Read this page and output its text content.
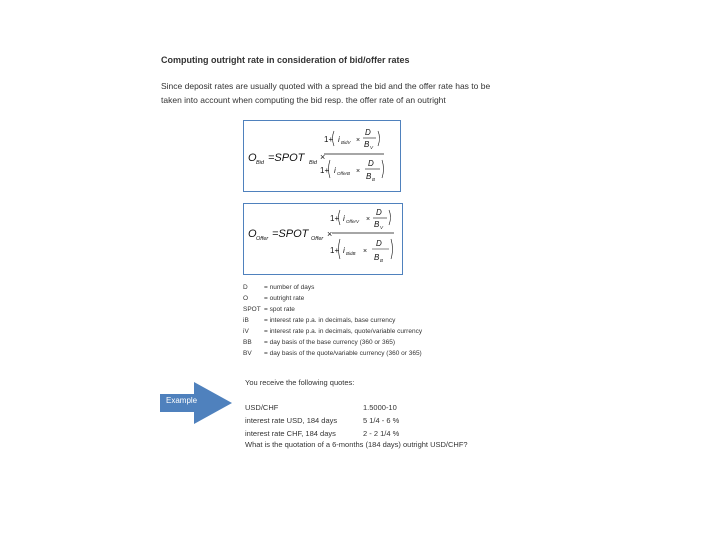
Computing outright rate in consideration of bid/offer rates
Since deposit rates are usually quoted with a spread the bid and the offer rate has to be taken into account when computing the bid resp. the offer rate of an outright
O Bid =SPOT Bid
×
1+ i BidV ×
D
B V
1+ i OfferB ×
D
B B
O Offer =SPOT Offer ×
1+ i OfferV ×
D
B V
1+ i BidB ×
D
B B
D	= number of days
O = outright rate
SPOT = spot rate
iB = interest rate p.a. in decimals, base currency
iV = interest rate p.a. in decimals, quote/variable currency
BB = day basis of the base currency (360 or 365)
BV = day basis of the quote/variable currency (360 or 365)
Example
You receive the following quotes:
USD/CHF	1.5000-10
interest rate USD, 184 days	5 1/4 - 6 %
interest rate CHF, 184 days	2 - 2 1/4 %
What is the quotation of a 6-months (184 days) outright USD/CHF?
